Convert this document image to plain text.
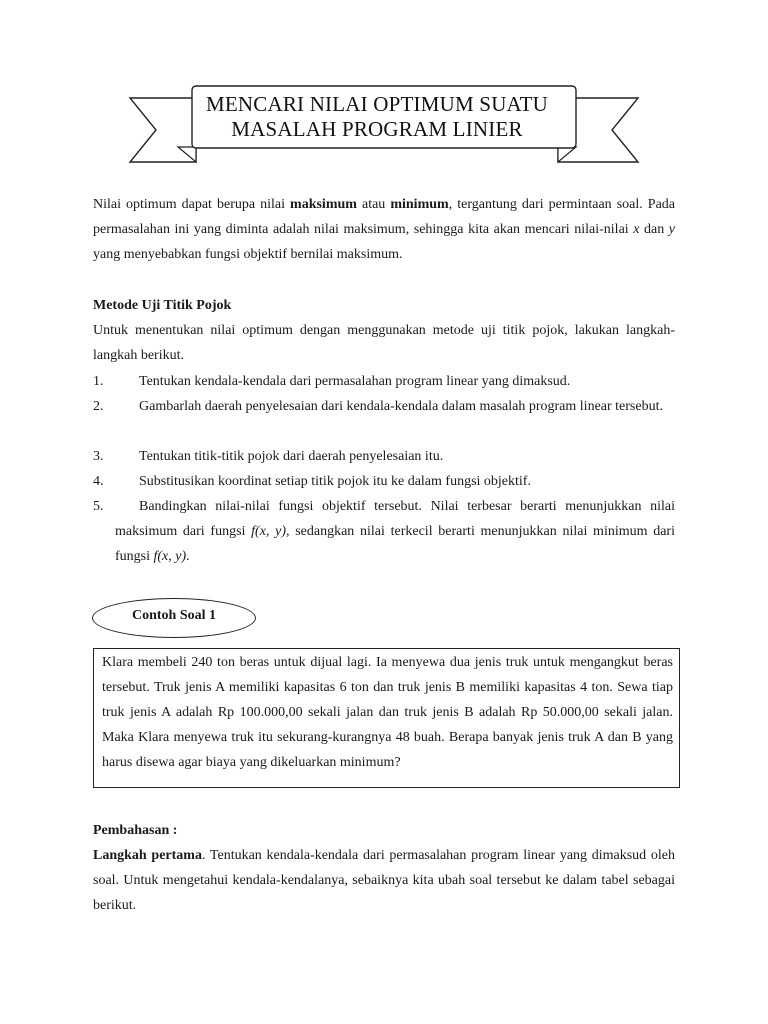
MENCARI NILAI OPTIMUM SUATU
MASALAH PROGRAM LINIER

Nilai optimum dapat berupa nilai maksimum atau minimum, tergantung dari permintaan soal. Pada permasalahan ini yang diminta adalah nilai maksimum, sehingga kita akan mencari nilai-nilai x dan y yang menyebabkan fungsi objektif bernilai maksimum.

Metode Uji Titik Pojok

Untuk menentukan nilai optimum dengan menggunakan metode uji titik pojok, lakukan langkah-langkah berikut.

1.	Tentukan kendala-kendala dari permasalahan program linear yang dimaksud.
2.	Gambarlah daerah penyelesaian dari kendala-kendala dalam masalah program linear tersebut.
3.	Tentukan titik-titik pojok dari daerah penyelesaian itu.
4.	Substitusikan koordinat setiap titik pojok itu ke dalam fungsi objektif.
5.	Bandingkan nilai-nilai fungsi objektif tersebut. Nilai terbesar berarti menunjukkan nilai maksimum dari fungsi f(x, y), sedangkan nilai terkecil berarti menunjukkan nilai minimum dari fungsi f(x, y).
Contoh Soal 1

Klara membeli 240 ton beras untuk dijual lagi. Ia menyewa dua jenis truk untuk mengangkut beras tersebut. Truk jenis A memiliki kapasitas 6 ton dan truk jenis B memiliki kapasitas 4 ton. Sewa tiap truk jenis A adalah Rp 100.000,00 sekali jalan dan truk jenis B adalah Rp 50.000,00 sekali jalan. Maka Klara menyewa truk itu sekurang-kurangnya 48 buah. Berapa banyak jenis truk A dan B yang harus disewa agar biaya yang dikeluarkan minimum?

Pembahasan :

Langkah pertama. Tentukan kendala-kendala dari permasalahan program linear yang dimaksud oleh soal. Untuk mengetahui kendala-kendalanya, sebaiknya kita ubah soal tersebut ke dalam tabel sebagai berikut.
